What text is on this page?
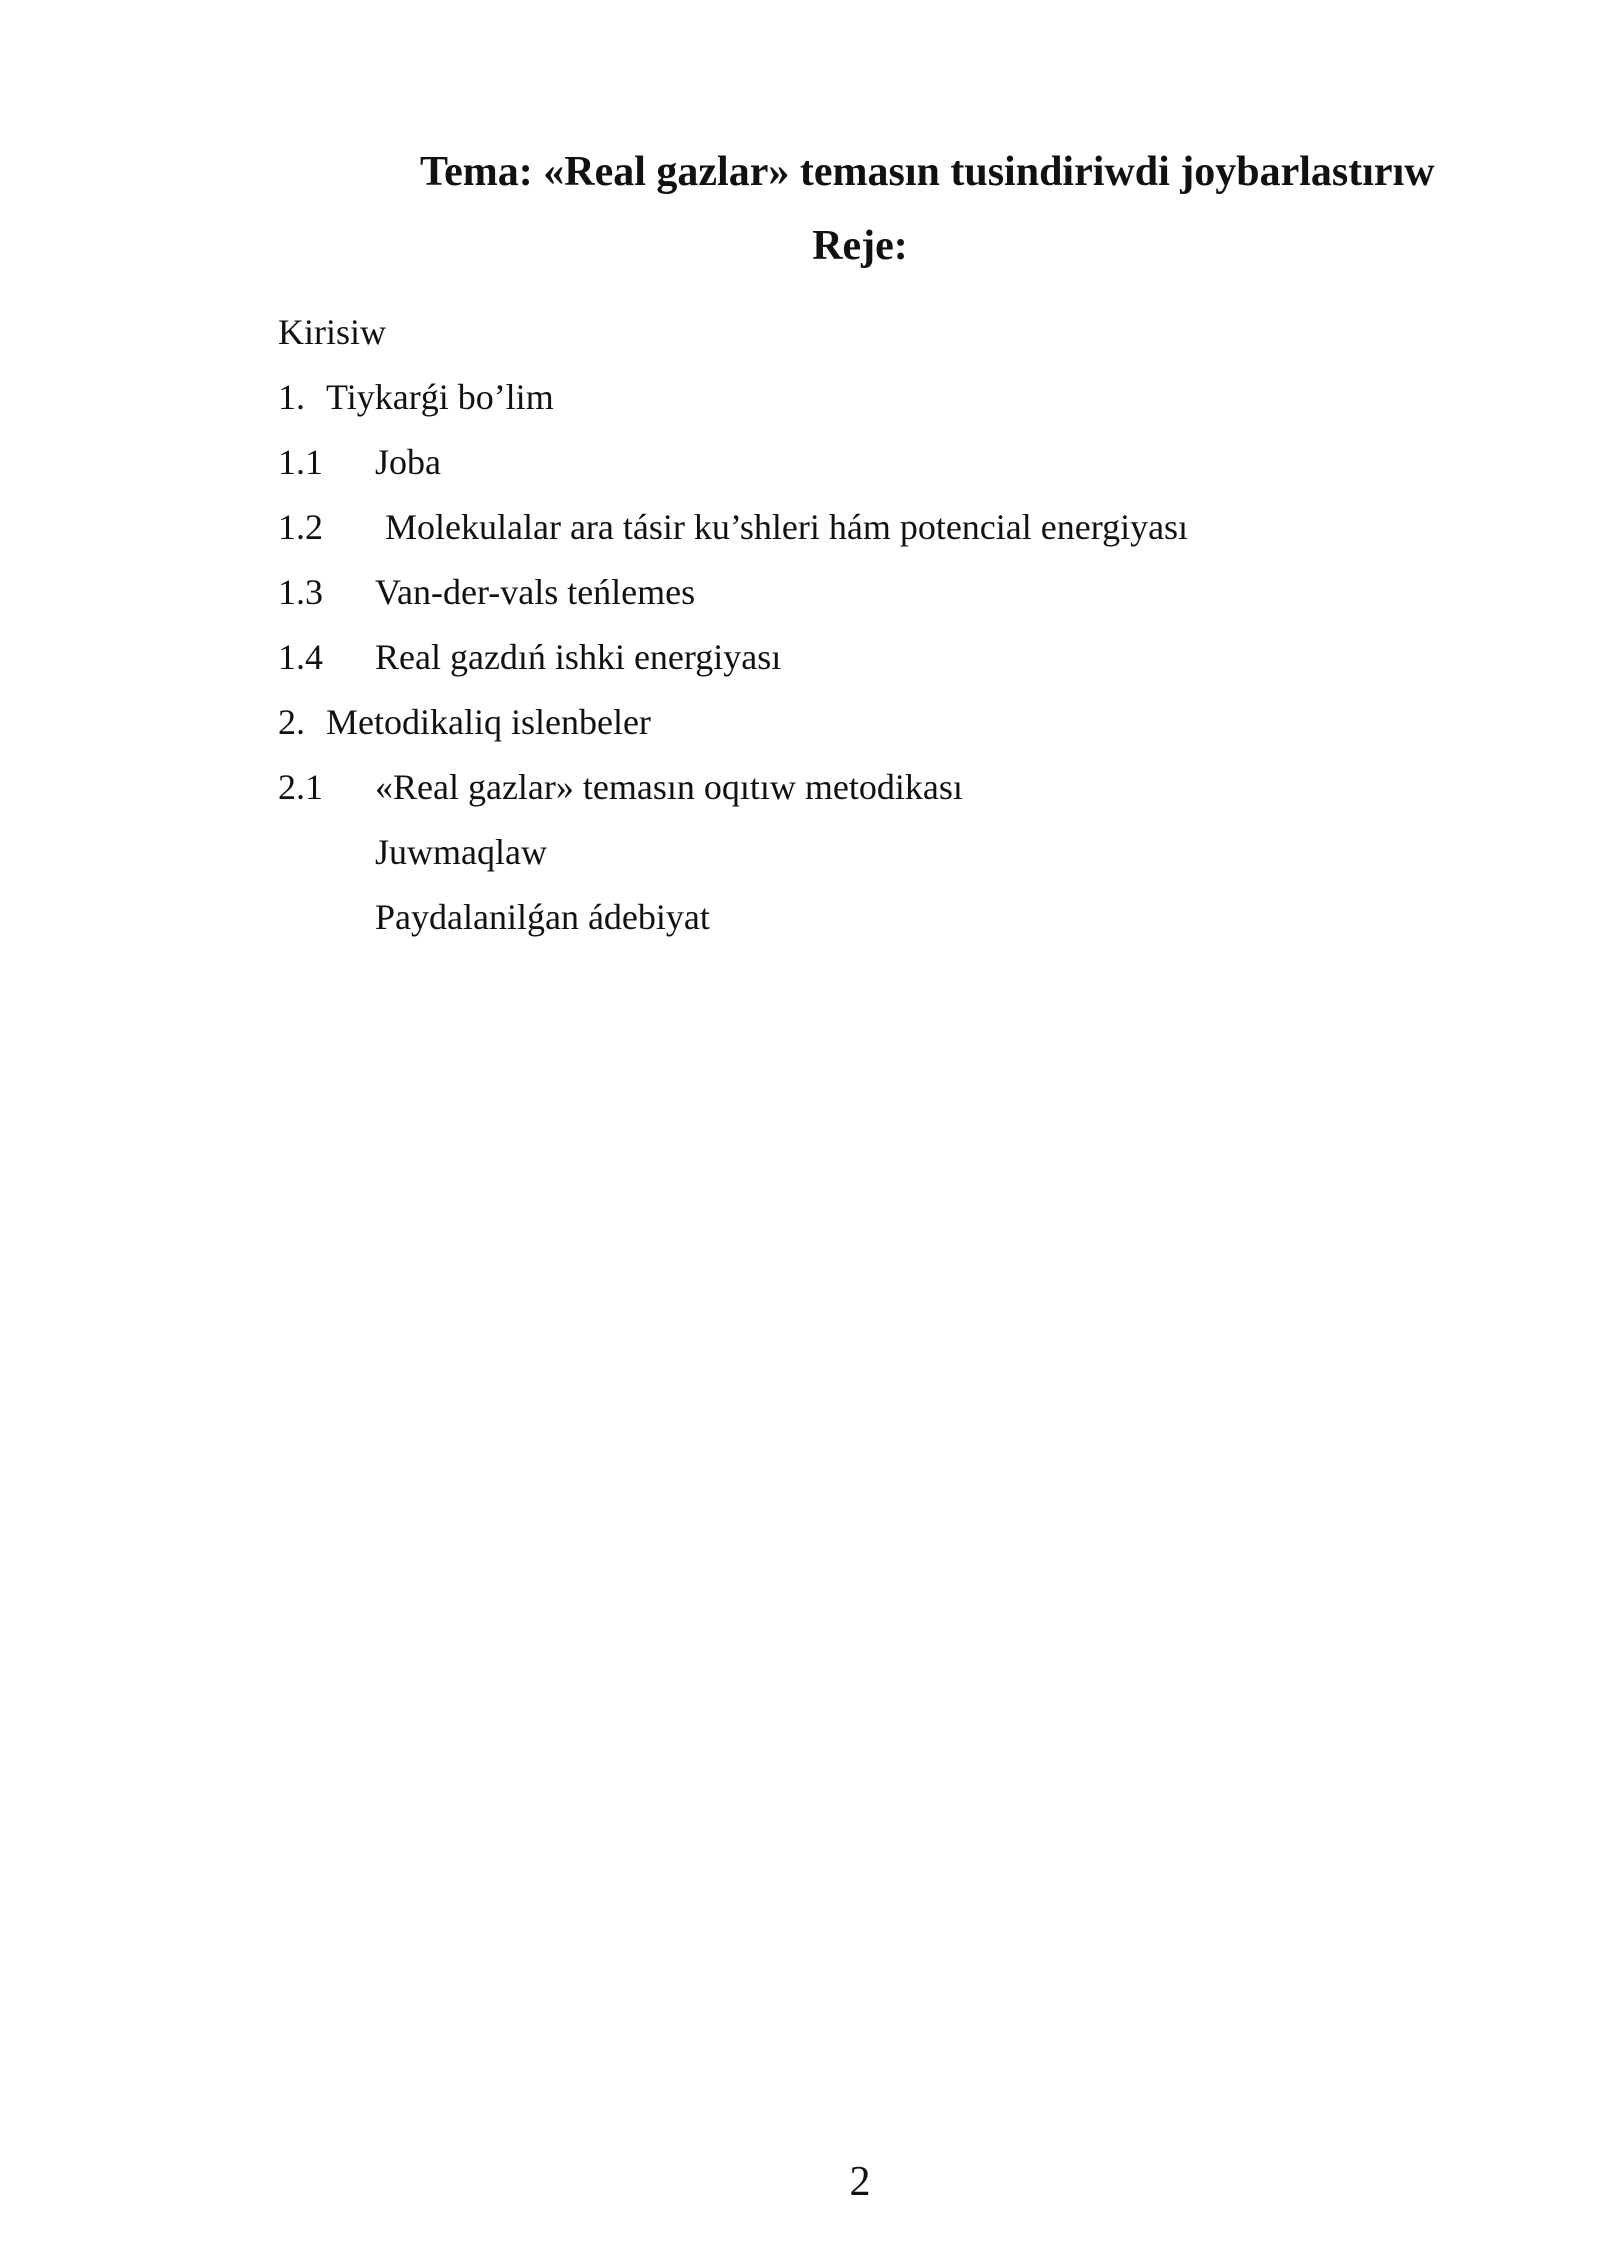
Tema: «Real gazlar» temasın tusindiriwdi joybarlastırıw
Reje:
Kirisiw
1. Tiykarǵi bo’lim
1.1 Joba
1.2 Molekulalar ara tásir ku’shleri hám potencial energiyası
1.3 Van-der-vals teńlemes
1.4 Real gazdıń ishki energiyası
2. Metodikaliq islenbeler
2.1 «Real gazlar» temasın oqıtıw metodikası
Juwmaqlaw
Paydalanilǵan ádebiyat
2
